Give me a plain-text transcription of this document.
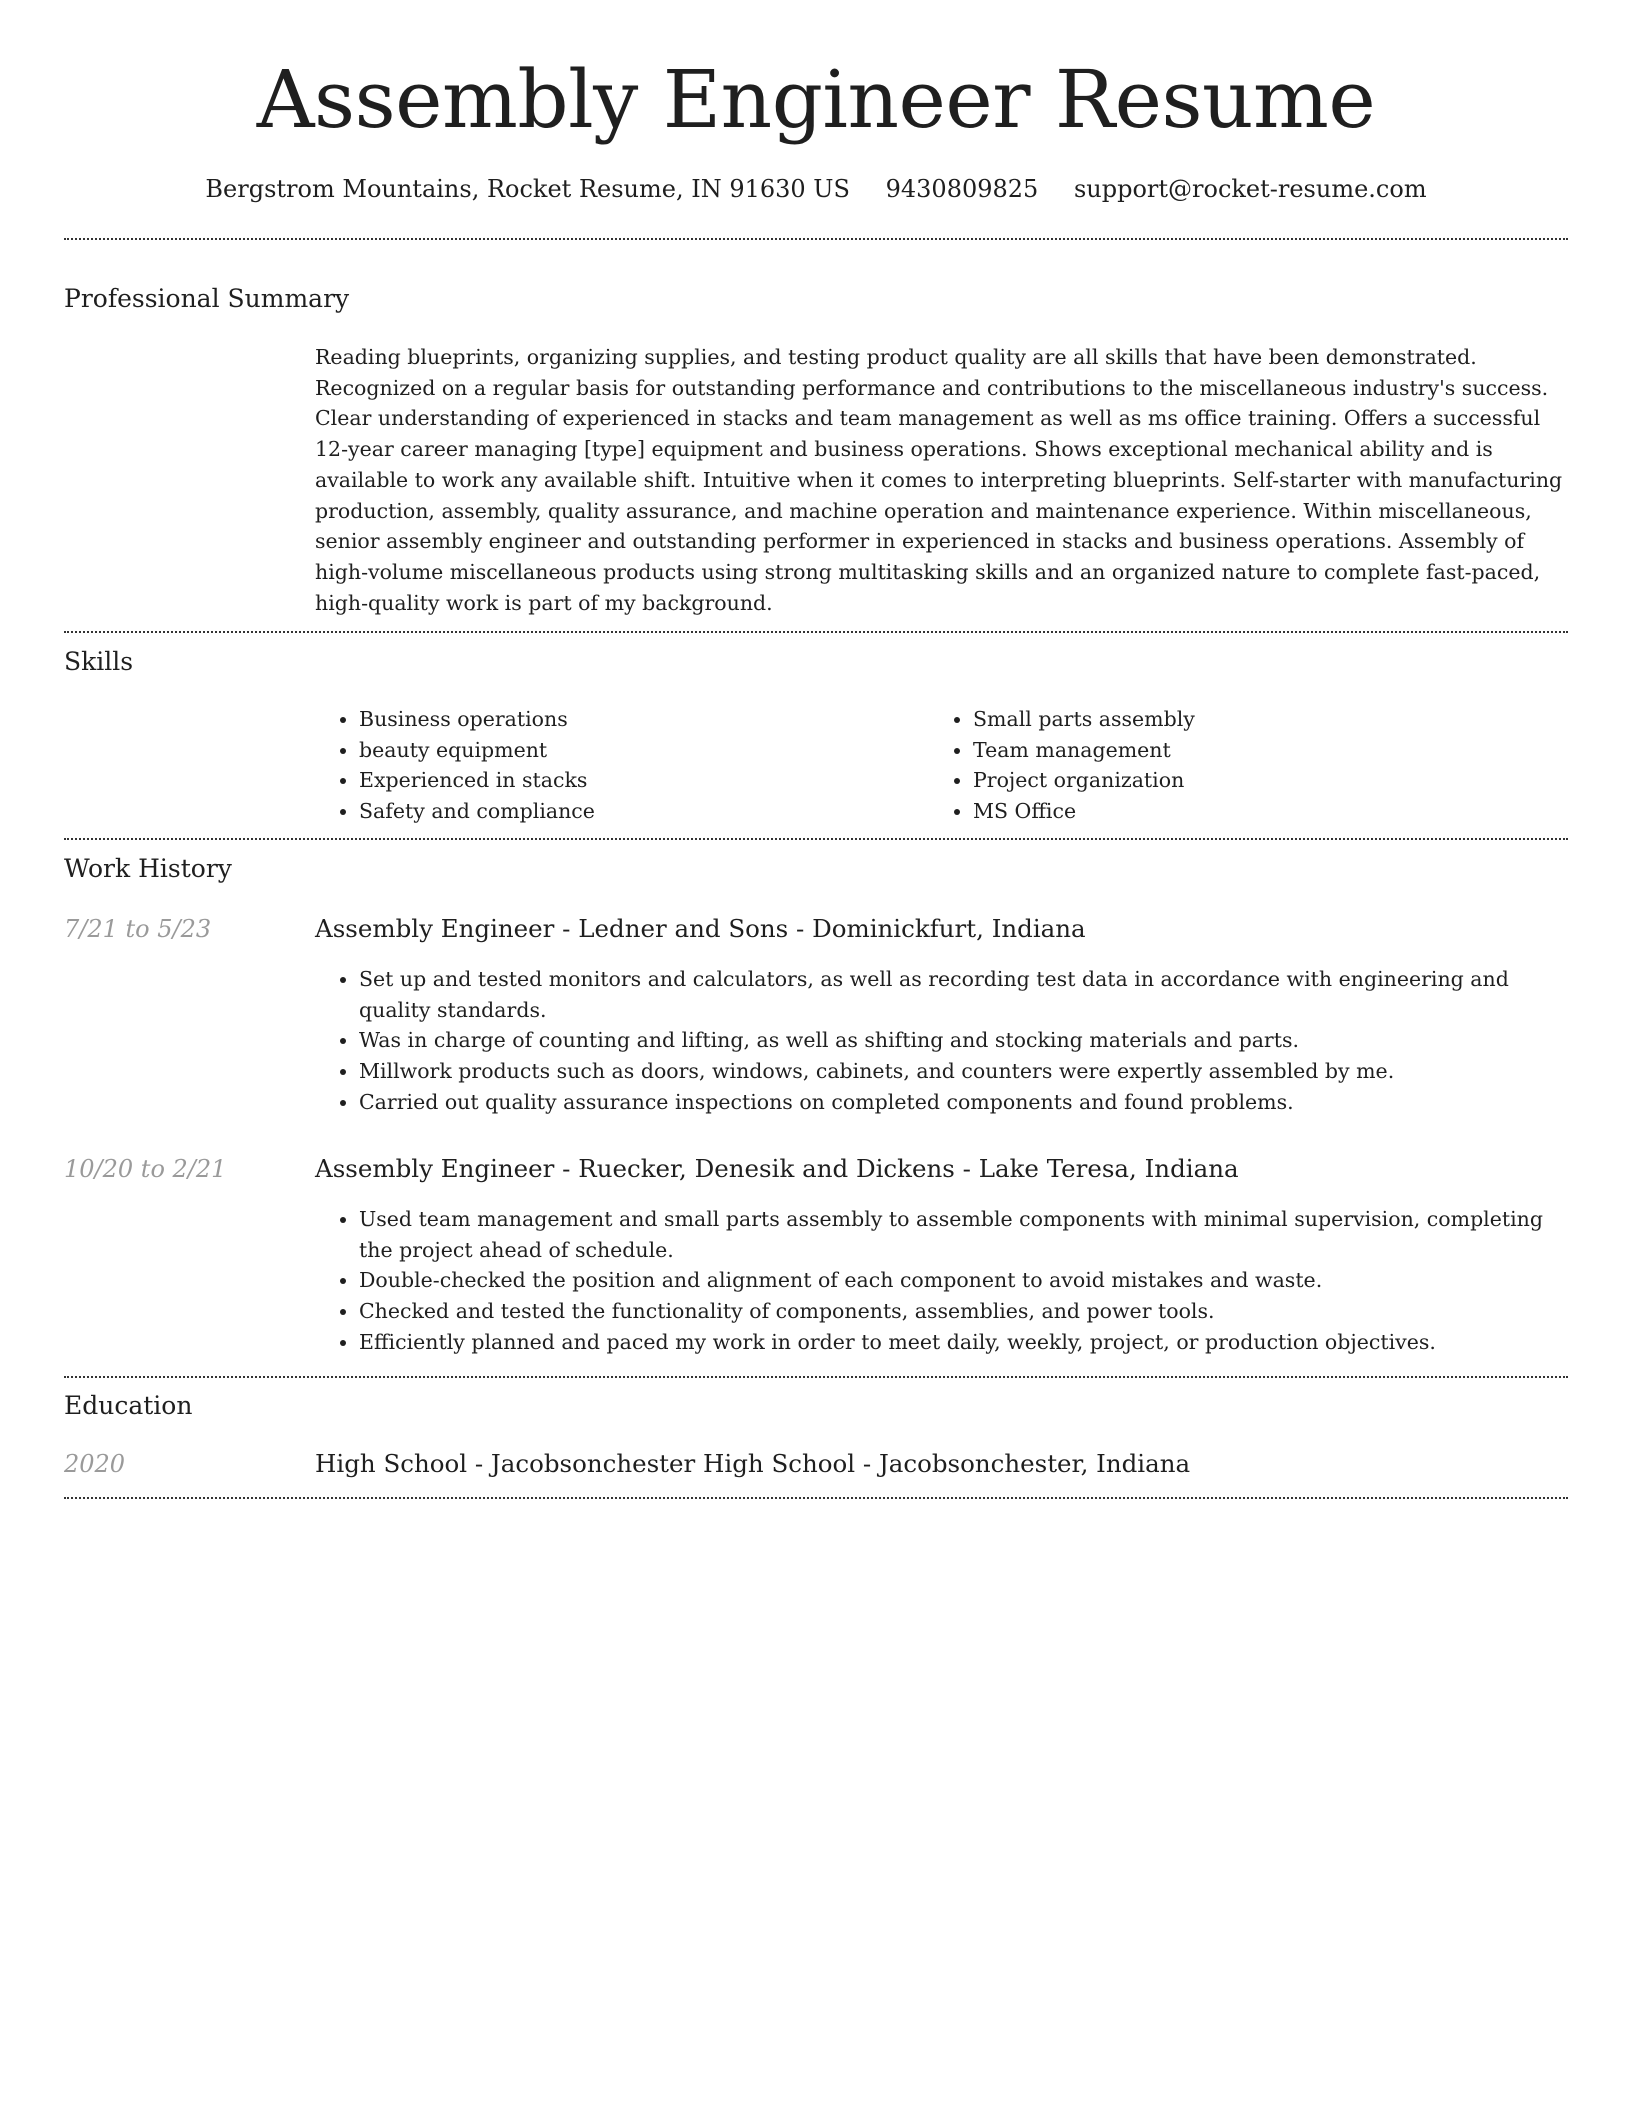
Assembly Engineer Resume
Bergstrom Mountains, Rocket Resume, IN 91630 US 9430809825 support@rocket-resume.com
Professional Summary

Reading blueprints, organizing supplies, and testing product quality are all skills that have been demonstrated. Recognized on a regular basis for outstanding performance and contributions to the miscellaneous industry's success. Clear understanding of experienced in stacks and team management as well as ms office training. Offers a successful 12-year career managing [type] equipment and business operations. Shows exceptional mechanical ability and is available to work any available shift. Intuitive when it comes to interpreting blueprints. Self-starter with manufacturing production, assembly, quality assurance, and machine operation and maintenance experience. Within miscellaneous, senior assembly engineer and outstanding performer in experienced in stacks and business operations. Assembly of high-volume miscellaneous products using strong multitasking skills and an organized nature to complete fast-paced, high-quality work is part of my background.

Skills
• Business operations
• beauty equipment
• Experienced in stacks
• Safety and compliance
• Small parts assembly
• Team management
• Project organization
• MS Office
Work History
7/21 to 5/23	Assembly Engineer - Ledner and Sons - Dominickfurt, Indiana
• Set up and tested monitors and calculators, as well as recording test data in accordance with engineering and quality standards.
• Was in charge of counting and lifting, as well as shifting and stocking materials and parts.
• Millwork products such as doors, windows, cabinets, and counters were expertly assembled by me.
• Carried out quality assurance inspections on completed components and found problems.
10/20 to 2/21	Assembly Engineer - Ruecker, Denesik and Dickens - Lake Teresa, Indiana
• Used team management and small parts assembly to assemble components with minimal supervision, completing the project ahead of schedule.
• Double-checked the position and alignment of each component to avoid mistakes and waste.
• Checked and tested the functionality of components, assemblies, and power tools.
• Efficiently planned and paced my work in order to meet daily, weekly, project, or production objectives.
Education
2020	High School - Jacobsonchester High School - Jacobsonchester, Indiana
